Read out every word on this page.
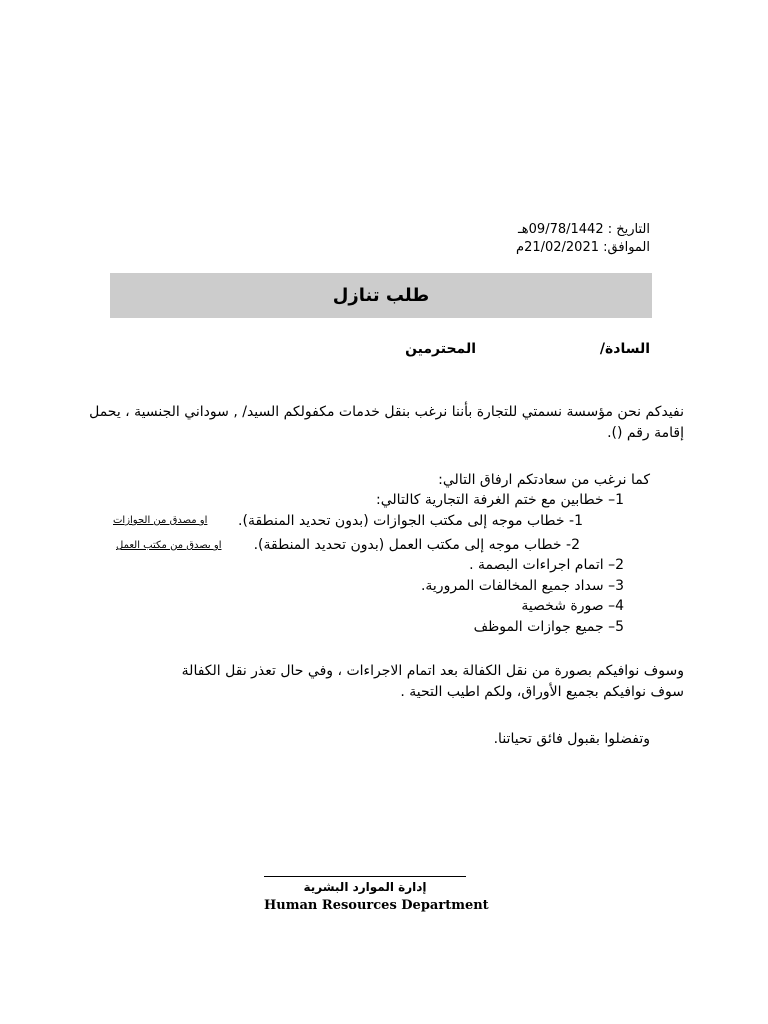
التاريخ : 09/78/1442هـ
الموافق: 21/02/2021م
طلب تنازل
السادة/
المحترمين
نفيدكم نحن مؤسسة نسمتي للتجارة بأننا نرغب بنقل خدمات مكفولكم السيد/ , سوداني الجنسية ، يحمل
إقامة رقم ().
كما نرغب من سعادتكم ارفاق التالي:
1– خطابين مع ختم الغرفة التجارية كالتالي:
1- خطاب موجه إلى مكتب الجوازات (بدون تحديد المنطقة).
او مصدق من الجوازات
2- خطاب موجه إلى مكتب العمل (بدون تحديد المنطقة).
او بصدق من مكتب العمل
2– اتمام اجراءات البصمة .
3– سداد جميع المخالفات المرورية.
4– صورة شخصية
5– جميع جوازات الموظف
وسوف نوافيكم بصورة من نقل الكفالة بعد اتمام الاجراءات ، وفي حال تعذر نقل الكفالة
سوف نوافيكم بجميع الأوراق، ولكم اطيب التحية .
وتفضلوا بقبول فائق تحياتنا.
إدارة الموارد البشرية
Human Resources Department
